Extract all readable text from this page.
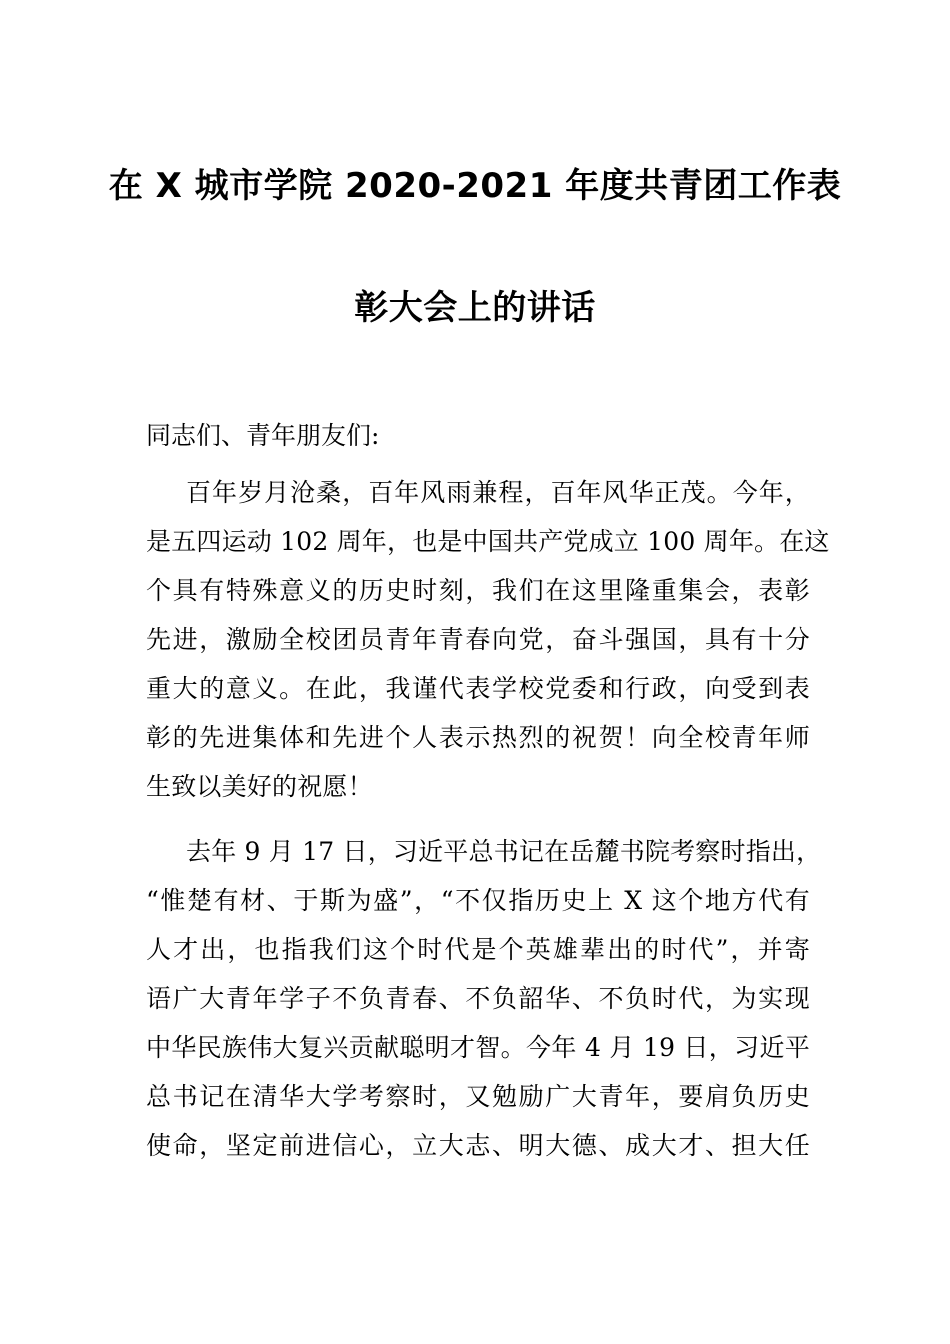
在 X 城市学院 2020-2021 年度共青团工作表
彰大会上的讲话
同志们、青年朋友们:
百年岁月沧桑，百年风雨兼程，百年风华正茂。今年，
是五四运动 102 周年，也是中国共产党成立 100 周年。在这
个具有特殊意义的历史时刻，我们在这里隆重集会，表彰
先进，激励全校团员青年青春向党，奋斗强国，具有十分
重大的意义。在此，我谨代表学校党委和行政，向受到表
彰的先进集体和先进个人表示热烈的祝贺！向全校青年师
生致以美好的祝愿！
去年 9 月 17 日，习近平总书记在岳麓书院考察时指出，
“惟楚有材、于斯为盛”，“不仅指历史上 X 这个地方代有
人才出，也指我们这个时代是个英雄辈出的时代”，并寄
语广大青年学子不负青春、不负韶华、不负时代，为实现
中华民族伟大复兴贡献聪明才智。今年 4 月 19 日，习近平
总书记在清华大学考察时，又勉励广大青年，要肩负历史
使命，坚定前进信心，立大志、明大德、成大才、担大任
